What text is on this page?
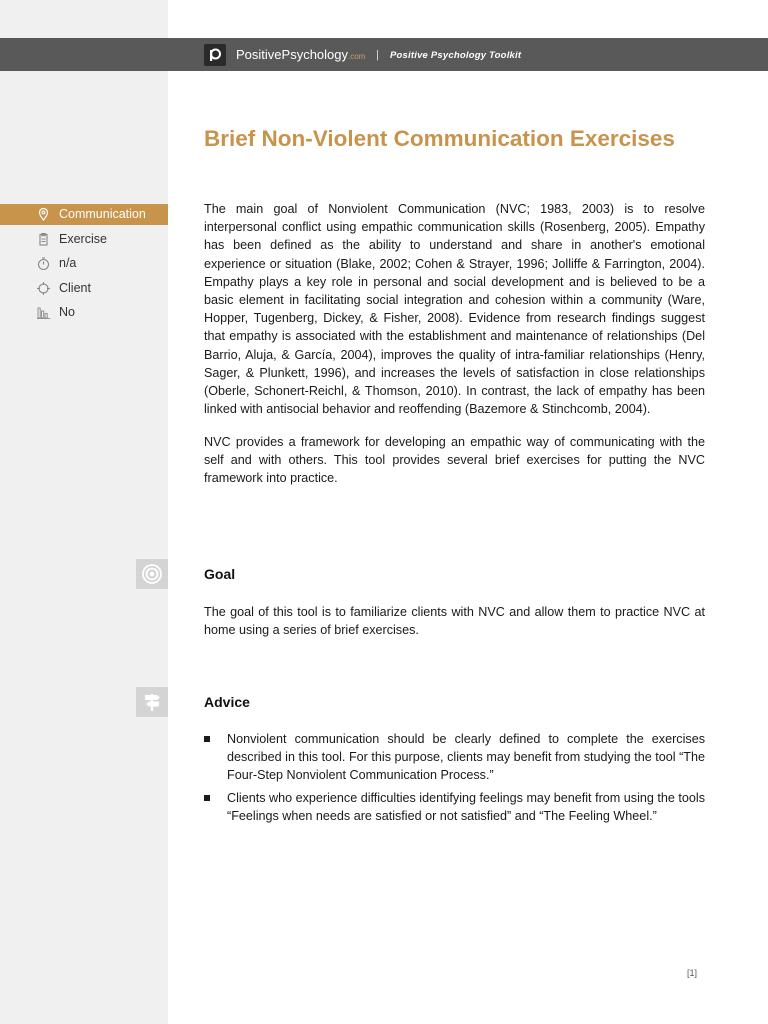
PositivePsychology.com | Positive Psychology Toolkit
Brief Non-Violent Communication Exercises
Communication
Exercise
n/a
Client
No

The main goal of Nonviolent Communication (NVC; 1983, 2003) is to resolve interpersonal conflict using empathic communication skills (Rosenberg, 2005). Empathy has been defined as the ability to understand and share in another's emotional experience or situation (Blake, 2002; Cohen & Strayer, 1996; Jolliffe & Farrington, 2004). Empathy plays a key role in personal and social development and is believed to be a basic element in facilitating social integration and cohesion within a community (Ware, Hopper, Tugenberg, Dickey, & Fisher, 2008). Evidence from research findings suggest that empathy is associated with the establishment and maintenance of relationships (Del Barrio, Aluja, & García, 2004), improves the quality of intra-familiar relationships (Henry, Sager, & Plunkett, 1996), and increases the levels of satisfaction in close relationships (Oberle, Schonert-Reichl, & Thomson, 2010). In contrast, the lack of empathy has been linked with antisocial behavior and reoffending (Bazemore & Stinchcomb, 2004).

NVC provides a framework for developing an empathic way of communicating with the self and with others. This tool provides several brief exercises for putting the NVC framework into practice.

Goal

The goal of this tool is to familiarize clients with NVC and allow them to practice NVC at home using a series of brief exercises.

Advice
Nonviolent communication should be clearly defined to complete the exercises described in this tool. For this purpose, clients may benefit from studying the tool “The Four-Step Nonviolent Communication Process.”
Clients who experience difficulties identifying feelings may benefit from using the tools “Feelings when needs are satisfied or not satisfied” and “The Feeling Wheel.”
[1]
